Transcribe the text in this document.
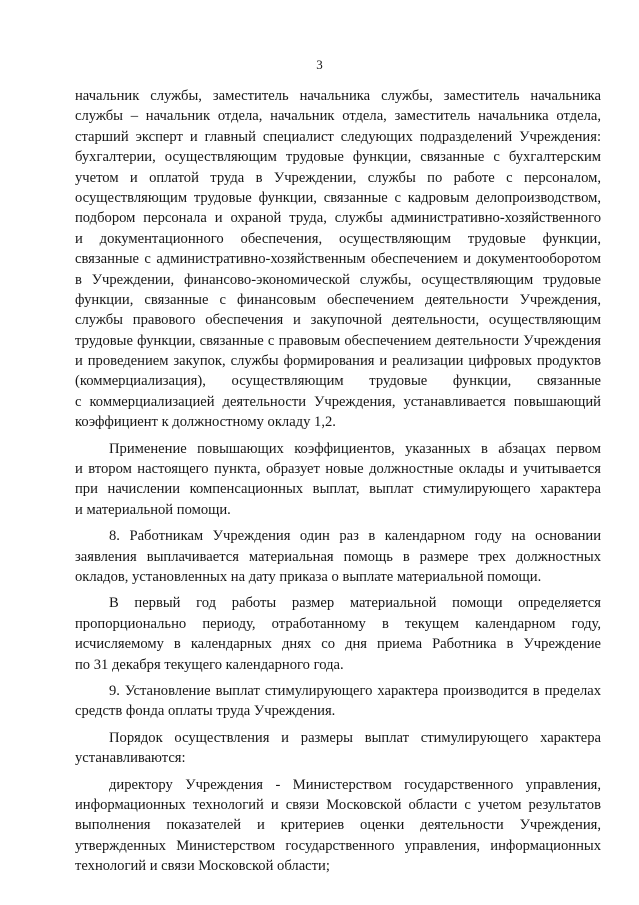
3
начальник службы, заместитель начальника службы, заместитель начальника
службы – начальник отдела, начальник отдела, заместитель начальника отдела,
старший эксперт и главный специалист следующих подразделений Учреждения:
бухгалтерии, осуществляющим трудовые функции, связанные с бухгалтерским
учетом и оплатой труда в Учреждении, службы по работе с персоналом,
осуществляющим трудовые функции, связанные с кадровым делопроизводством,
подбором персонала и охраной труда, службы административно-хозяйственного
и документационного обеспечения, осуществляющим трудовые функции,
связанные с административно-хозяйственным обеспечением и документооборотом
в Учреждении, финансово-экономической службы, осуществляющим трудовые
функции, связанные с финансовым обеспечением деятельности Учреждения,
службы правового обеспечения и закупочной деятельности, осуществляющим
трудовые функции, связанные с правовым обеспечением деятельности Учреждения
и проведением закупок, службы формирования и реализации цифровых продуктов
(коммерциализация), осуществляющим трудовые функции, связанные
с коммерциализацией деятельности Учреждения, устанавливается повышающий
коэффициент к должностному окладу 1,2.
Применение повышающих коэффициентов, указанных в абзацах первом
и втором настоящего пункта, образует новые должностные оклады и учитывается
при начислении компенсационных выплат, выплат стимулирующего характера
и материальной помощи.
8. Работникам Учреждения один раз в календарном году на основании
заявления выплачивается материальная помощь в размере трех должностных
окладов, установленных на дату приказа о выплате материальной помощи.
В первый год работы размер материальной помощи определяется
пропорционально периоду, отработанному в текущем календарном году,
исчисляемому в календарных днях со дня приема Работника в Учреждение
по 31 декабря текущего календарного года.
9. Установление выплат стимулирующего характера производится в пределах
средств фонда оплаты труда Учреждения.
Порядок осуществления и размеры выплат стимулирующего характера
устанавливаются:
директору Учреждения - Министерством государственного управления,
информационных технологий и связи Московской области с учетом результатов
выполнения показателей и критериев оценки деятельности Учреждения,
утвержденных Министерством государственного управления, информационных
технологий и связи Московской области;
